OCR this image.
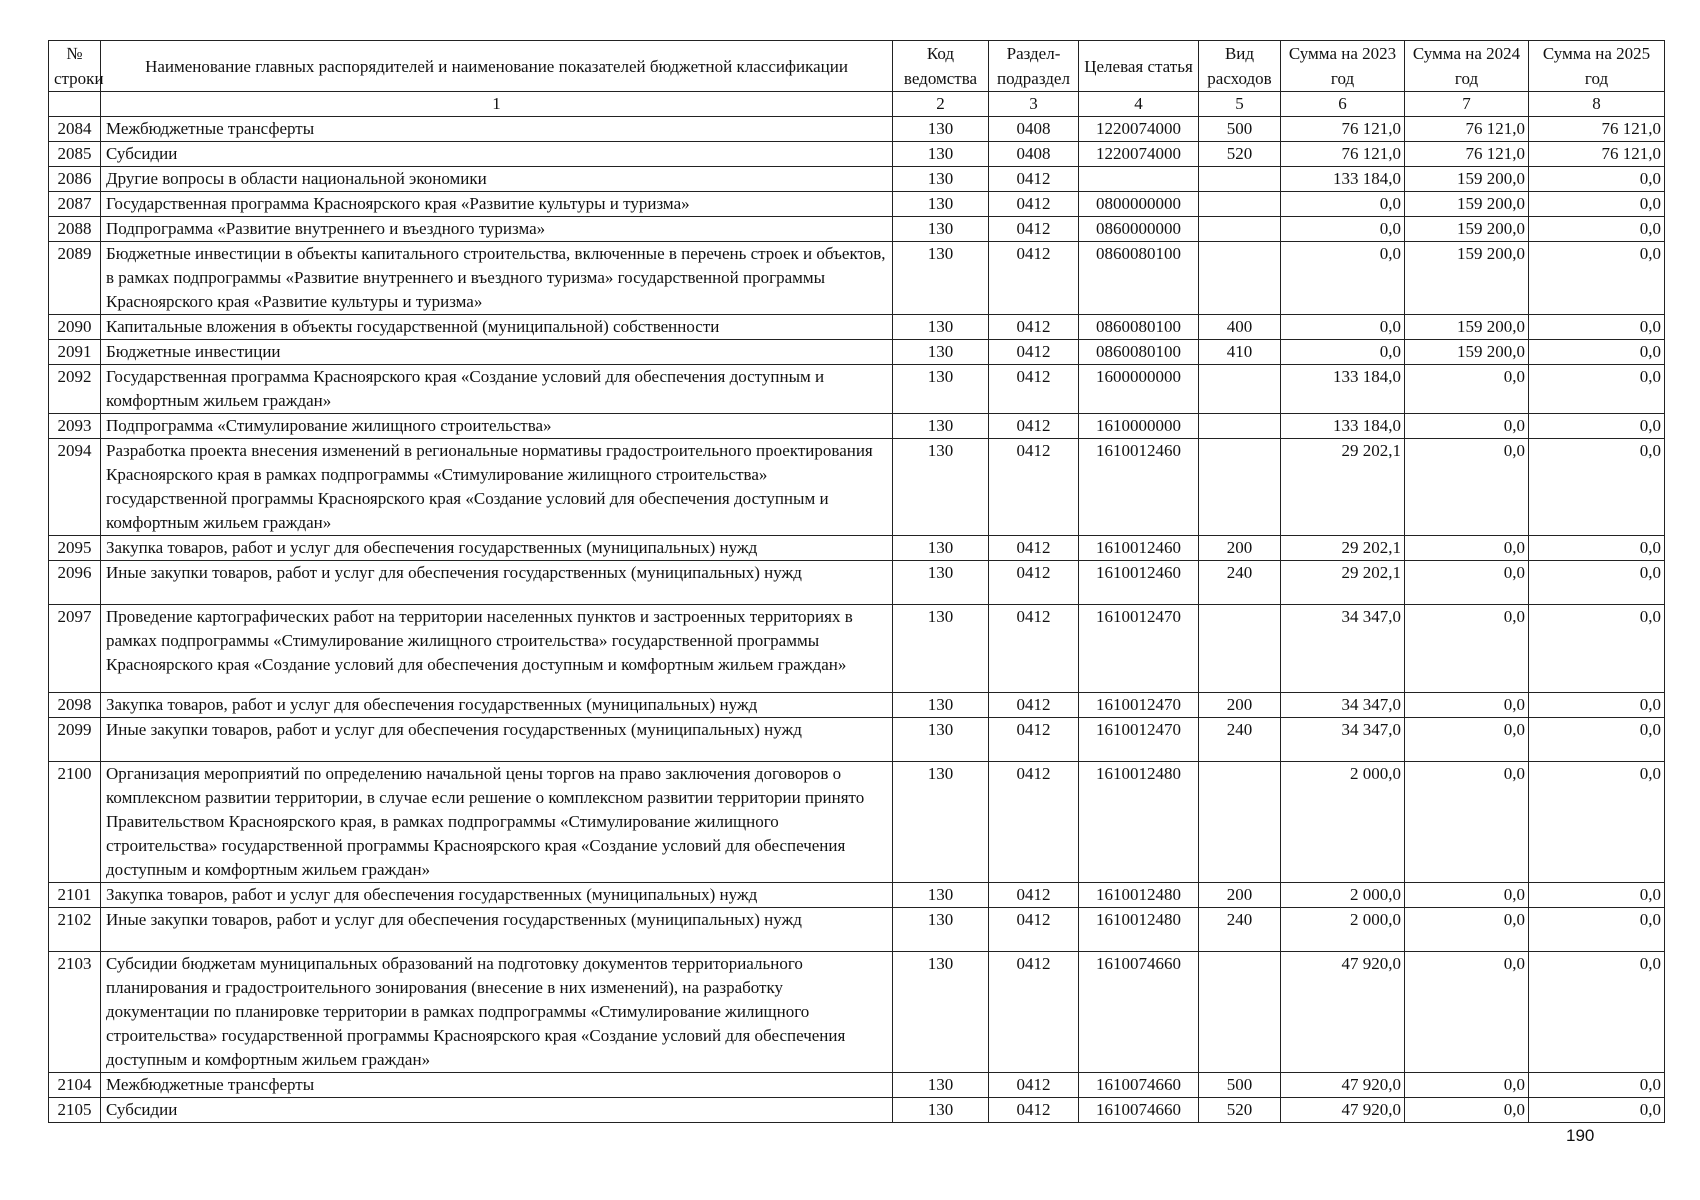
№ строки	Наименование главных распорядителей и наименование показателей бюджетной классификации	Код ведомства	Раздел-подраздел	Целевая статья	Вид расходов	Сумма на 2023 год	Сумма на 2024 год	Сумма на 2025 год
	1	2	3	4	5	6	7	8
2084	Межбюджетные трансферты	130	0408	1220074000	500	76 121,0	76 121,0	76 121,0
2085	Субсидии	130	0408	1220074000	520	76 121,0	76 121,0	76 121,0
2086	Другие вопросы в области национальной экономики	130	0412			133 184,0	159 200,0	0,0
2087	Государственная программа Красноярского края «Развитие культуры и туризма»	130	0412	0800000000		0,0	159 200,0	0,0
2088	Подпрограмма «Развитие внутреннего и въездного туризма»	130	0412	0860000000		0,0	159 200,0	0,0
2089	Бюджетные инвестиции в объекты капитального строительства, включенные в перечень строек и объектов, в рамках подпрограммы «Развитие внутреннего и въездного туризма» государственной программы Красноярского края «Развитие культуры и туризма»	130	0412	0860080100		0,0	159 200,0	0,0
2090	Капитальные вложения в объекты государственной (муниципальной) собственности	130	0412	0860080100	400	0,0	159 200,0	0,0
2091	Бюджетные инвестиции	130	0412	0860080100	410	0,0	159 200,0	0,0
2092	Государственная программа Красноярского края «Создание условий для обеспечения доступным и комфортным жильем граждан»	130	0412	1600000000		133 184,0	0,0	0,0
2093	Подпрограмма «Стимулирование жилищного строительства»	130	0412	1610000000		133 184,0	0,0	0,0
2094	Разработка проекта внесения изменений в региональные нормативы градостроительного проектирования Красноярского края в рамках подпрограммы «Стимулирование жилищного строительства» государственной программы Красноярского края «Создание условий для обеспечения доступным и комфортным жильем граждан»	130	0412	1610012460		29 202,1	0,0	0,0
2095	Закупка товаров, работ и услуг для обеспечения государственных (муниципальных) нужд	130	0412	1610012460	200	29 202,1	0,0	0,0
2096	Иные закупки товаров, работ и услуг для обеспечения государственных (муниципальных) нужд	130	0412	1610012460	240	29 202,1	0,0	0,0
2097	Проведение картографических работ на территории населенных пунктов и застроенных территориях в рамках подпрограммы «Стимулирование жилищного строительства» государственной программы Красноярского края «Создание условий для обеспечения доступным и комфортным жильем граждан»	130	0412	1610012470		34 347,0	0,0	0,0
2098	Закупка товаров, работ и услуг для обеспечения государственных (муниципальных) нужд	130	0412	1610012470	200	34 347,0	0,0	0,0
2099	Иные закупки товаров, работ и услуг для обеспечения государственных (муниципальных) нужд	130	0412	1610012470	240	34 347,0	0,0	0,0
2100	Организация мероприятий по определению начальной цены торгов на право заключения договоров о комплексном развитии территории, в случае если решение о комплексном развитии территории принято Правительством Красноярского края, в рамках подпрограммы «Стимулирование жилищного строительства» государственной программы Красноярского края «Создание условий для обеспечения доступным и комфортным жильем граждан»	130	0412	1610012480		2 000,0	0,0	0,0
2101	Закупка товаров, работ и услуг для обеспечения государственных (муниципальных) нужд	130	0412	1610012480	200	2 000,0	0,0	0,0
2102	Иные закупки товаров, работ и услуг для обеспечения государственных (муниципальных) нужд	130	0412	1610012480	240	2 000,0	0,0	0,0
2103	Субсидии бюджетам муниципальных образований на подготовку документов территориального планирования и градостроительного зонирования (внесение в них изменений), на разработку документации по планировке территории в рамках подпрограммы «Стимулирование жилищного строительства» государственной программы Красноярского края «Создание условий для обеспечения доступным и комфортным жильем граждан»	130	0412	1610074660		47 920,0	0,0	0,0
2104	Межбюджетные трансферты	130	0412	1610074660	500	47 920,0	0,0	0,0
2105	Субсидии	130	0412	1610074660	520	47 920,0	0,0	0,0
190
